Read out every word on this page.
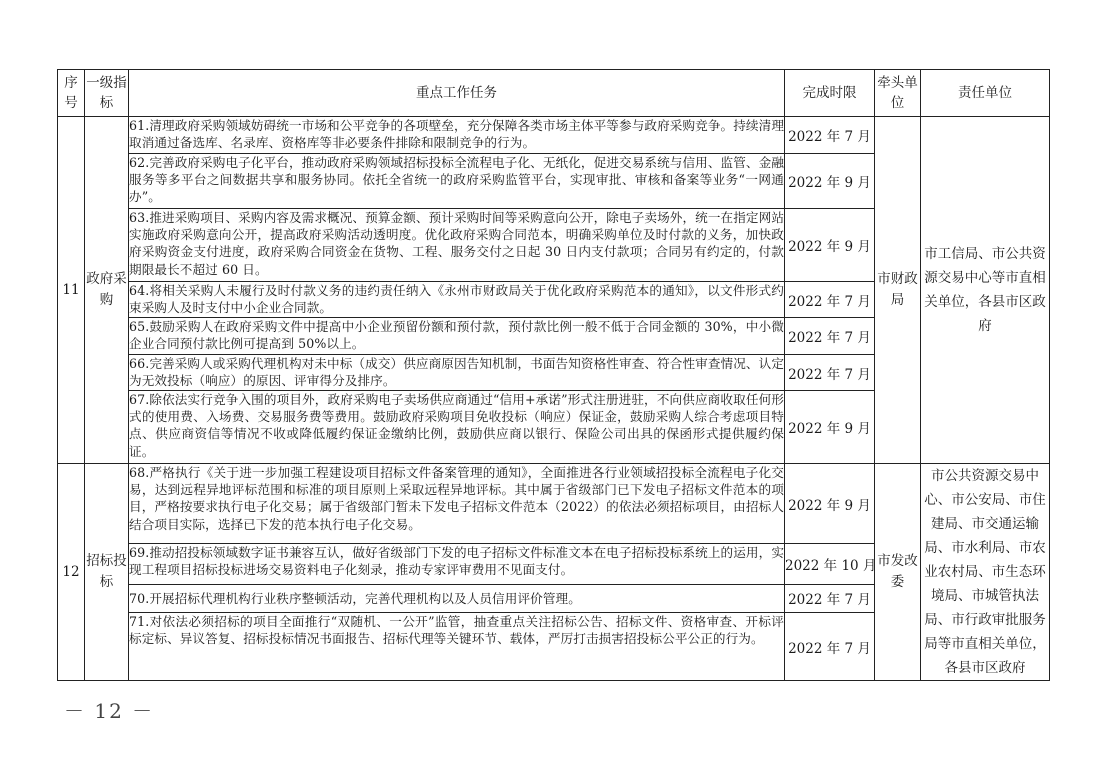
序号	一级指标	重点工作任务	完成时限	牵头单位	责任单位
11	政府采购	61.清理政府采购领域妨碍统一市场和公平竞争的各项壁垒，充分保障各类市场主体平等参与政府采购竞争。持续清理取消通过备选库、名录库、资格库等非必要条件排除和限制竞争的行为。	2022 年 7 月	市财政局	市工信局、市公共资源交易中心等市直相关单位，各县市区政府
		62.完善政府采购电子化平台，推动政府采购领域招标投标全流程电子化、无纸化，促进交易系统与信用、监管、金融服务等多平台之间数据共享和服务协同。依托全省统一的政府采购监管平台，实现审批、审核和备案等业务“一网通办”。	2022 年 9 月		
		63.推进采购项目、采购内容及需求概况、预算金额、预计采购时间等采购意向公开，除电子卖场外，统一在指定网站实施政府采购意向公开，提高政府采购活动透明度。优化政府采购合同范本，明确采购单位及时付款的义务，加快政府采购资金支付进度，政府采购合同资金在货物、工程、服务交付之日起 30 日内支付款项；合同另有约定的，付款期限最长不超过 60 日。	2022 年 9 月		
		64.将相关采购人未履行及时付款义务的违约责任纳入《永州市财政局关于优化政府采购范本的通知》，以文件形式约束采购人及时支付中小企业合同款。	2022 年 7 月		
		65.鼓励采购人在政府采购文件中提高中小企业预留份额和预付款，预付款比例一般不低于合同金额的 30%，中小微企业合同预付款比例可提高到 50%以上。	2022 年 7 月		
		66.完善采购人或采购代理机构对未中标（成交）供应商原因告知机制，书面告知资格性审查、符合性审查情况、认定为无效投标（响应）的原因、评审得分及排序。	2022 年 7 月		
		67.除依法实行竞争入围的项目外，政府采购电子卖场供应商通过“信用+承诺”形式注册进驻，不向供应商收取任何形式的使用费、入场费、交易服务费等费用。鼓励政府采购项目免收投标（响应）保证金，鼓励采购人综合考虑项目特点、供应商资信等情况不收或降低履约保证金缴纳比例，鼓励供应商以银行、保险公司出具的保函形式提供履约保证。	2022 年 9 月		
12	招标投标	68.严格执行《关于进一步加强工程建设项目招标文件备案管理的通知》，全面推进各行业领域招投标全流程电子化交易，达到远程异地评标范围和标准的项目原则上采取远程异地评标。其中属于省级部门已下发电子招标文件范本的项目，严格按要求执行电子化交易；属于省级部门暂未下发电子招标文件范本（2022）的依法必须招标项目，由招标人结合项目实际，选择已下发的范本执行电子化交易。	2022 年 9 月	市发改委	市公共资源交易中心、市公安局、市住建局、市交通运输局、市水利局、市农业农村局、市生态环境局、市城管执法局、市行政审批服务局等市直相关单位，各县市区政府
		69.推动招投标领域数字证书兼容互认，做好省级部门下发的电子招标文件标准文本在电子招标投标系统上的运用，实现工程项目招标投标进场交易资料电子化刻录，推动专家评审费用不见面支付。	2022 年 10 月		
		70.开展招标代理机构行业秩序整顿活动，完善代理机构以及人员信用评价管理。	2022 年 7 月		
		71.对依法必须招标的项目全面推行“双随机、一公开”监管，抽查重点关注招标公告、招标文件、资格审查、开标评标定标、异议答复、招标投标情况书面报告、招标代理等关键环节、载体，严厉打击损害招投标公平公正的行为。	2022 年 7 月		
－ 12 －
